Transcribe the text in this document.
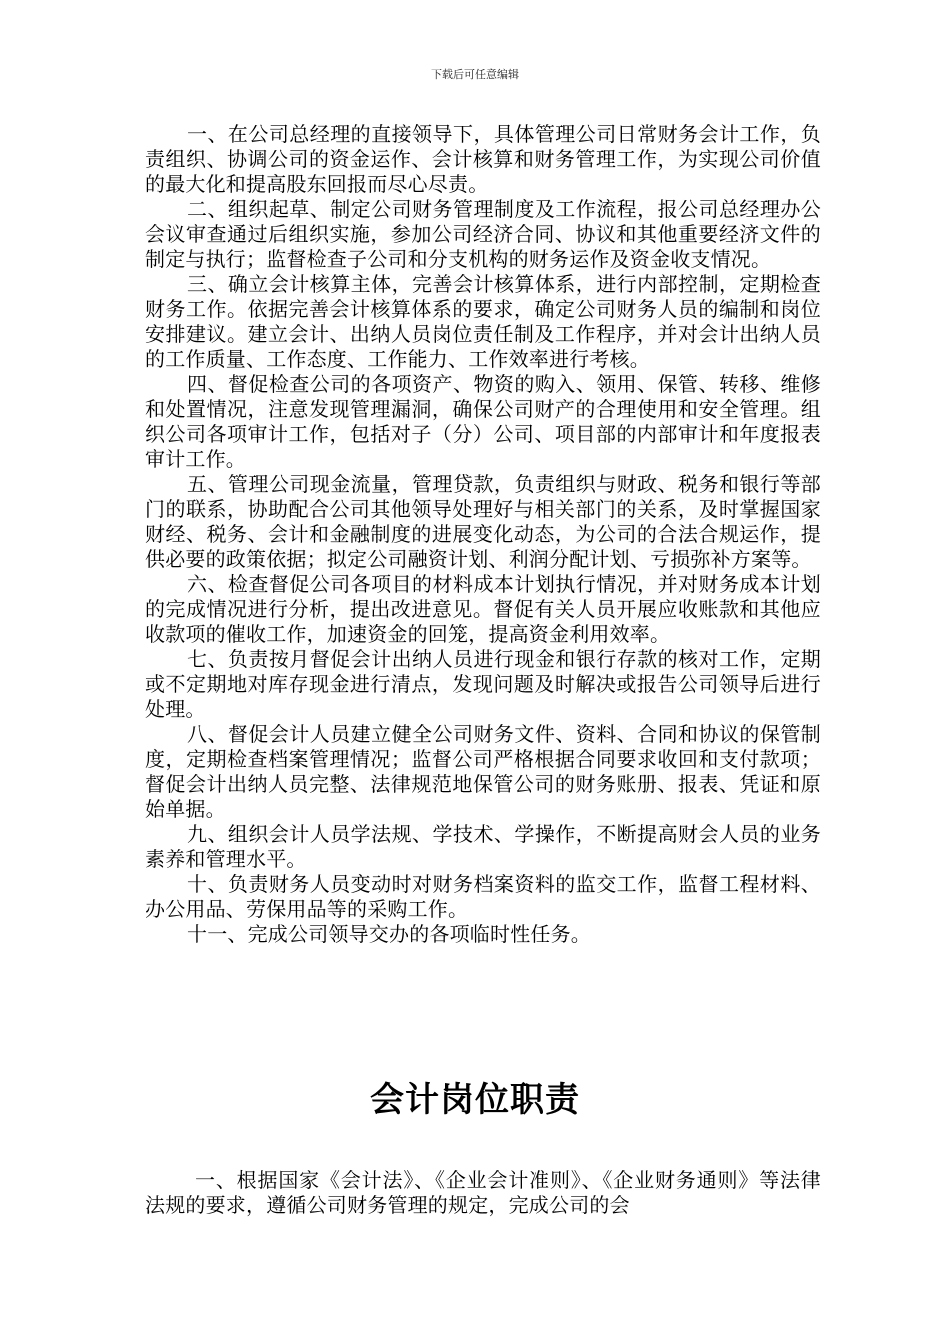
下载后可任意编辑

一、在公司总经理的直接领导下，具体管理公司日常财务会计工作，负责组织、协调公司的资金运作、会计核算和财务管理工作，为实现公司价值的最大化和提高股东回报而尽心尽责。

二、组织起草、制定公司财务管理制度及工作流程，报公司总经理办公会议审查通过后组织实施，参加公司经济合同、协议和其他重要经济文件的制定与执行；监督检查子公司和分支机构的财务运作及资金收支情况。

三、确立会计核算主体，完善会计核算体系，进行内部控制，定期检查财务工作。依据完善会计核算体系的要求，确定公司财务人员的编制和岗位安排建议。建立会计、出纳人员岗位责任制及工作程序，并对会计出纳人员的工作质量、工作态度、工作能力、工作效率进行考核。

四、督促检查公司的各项资产、物资的购入、领用、保管、转移、维修和处置情况，注意发现管理漏洞，确保公司财产的合理使用和安全管理。组织公司各项审计工作，包括对子（分）公司、项目部的内部审计和年度报表审计工作。

五、管理公司现金流量，管理贷款，负责组织与财政、税务和银行等部门的联系，协助配合公司其他领导处理好与相关部门的关系，及时掌握国家财经、税务、会计和金融制度的进展变化动态，为公司的合法合规运作，提供必要的政策依据；拟定公司融资计划、利润分配计划、亏损弥补方案等。

六、检查督促公司各项目的材料成本计划执行情况，并对财务成本计划的完成情况进行分析，提出改进意见。督促有关人员开展应收账款和其他应收款项的催收工作，加速资金的回笼，提高资金利用效率。

七、负责按月督促会计出纳人员进行现金和银行存款的核对工作，定期或不定期地对库存现金进行清点，发现问题及时解决或报告公司领导后进行处理。

八、督促会计人员建立健全公司财务文件、资料、合同和协议的保管制度，定期检查档案管理情况；监督公司严格根据合同要求收回和支付款项；督促会计出纳人员完整、法律规范地保管公司的财务账册、报表、凭证和原始单据。

九、组织会计人员学法规、学技术、学操作，不断提高财会人员的业务素养和管理水平。

十、负责财务人员变动时对财务档案资料的监交工作，监督工程材料、办公用品、劳保用品等的采购工作。

十一、完成公司领导交办的各项临时性任务。

会计岗位职责

一、根据国家《会计法》、《企业会计准则》、《企业财务通则》等法律法规的要求，遵循公司财务管理的规定，完成公司的会
